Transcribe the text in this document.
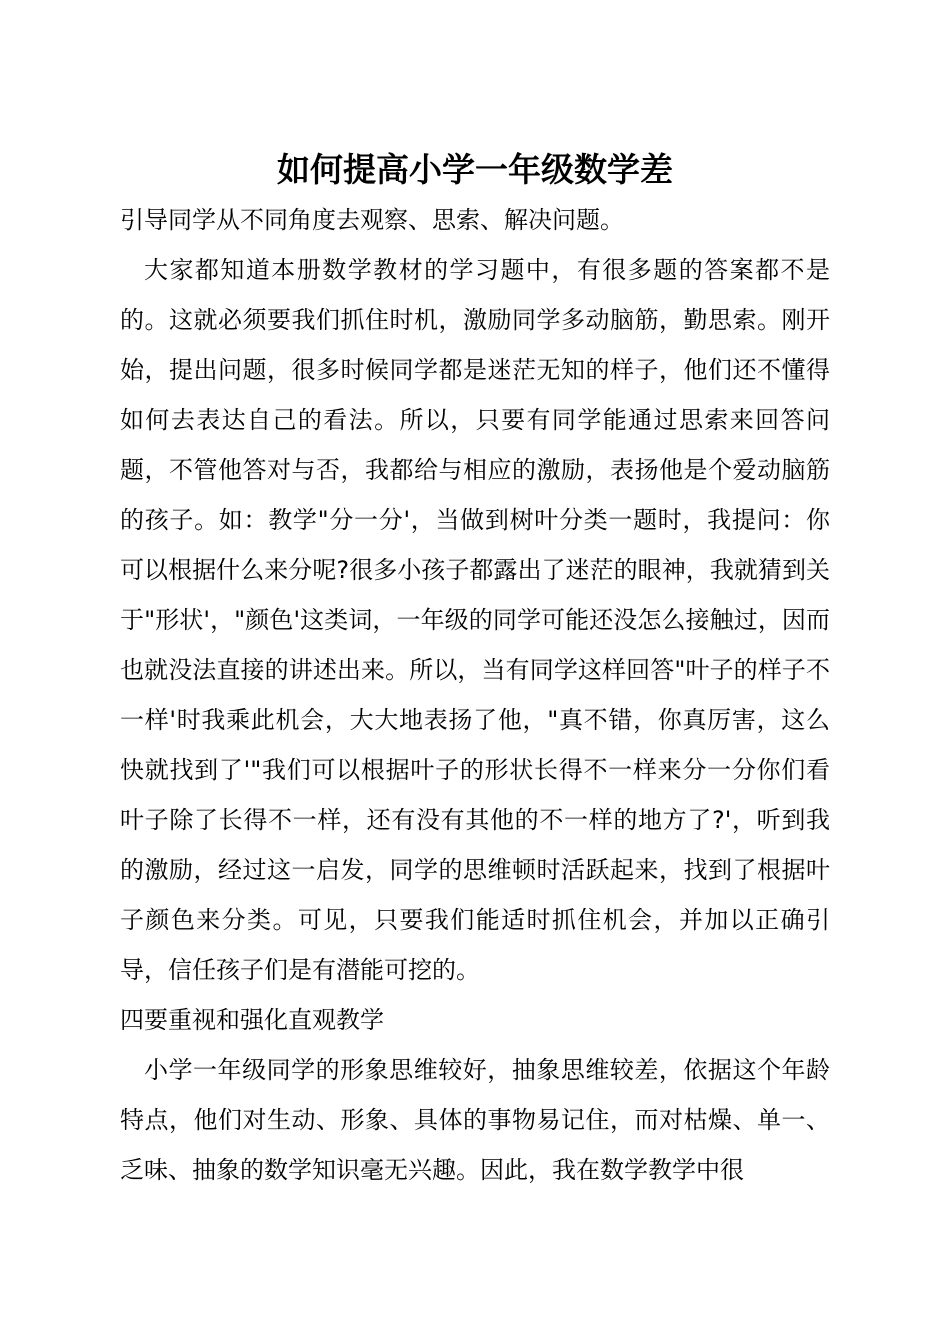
如何提高小学一年级数学差

引导同学从不同角度去观察、思索、解决问题。

大家都知道本册数学教材的学习题中，有很多题的答案都不是的。这就必须要我们抓住时机，激励同学多动脑筋，勤思索。刚开始，提出问题，很多时候同学都是迷茫无知的样子，他们还不懂得如何去表达自己的看法。所以，只要有同学能通过思索来回答问题，不管他答对与否，我都给与相应的激励，表扬他是个爱动脑筋的孩子。如：教学"分一分'，当做到树叶分类一题时，我提问：你可以根据什么来分呢?很多小孩子都露出了迷茫的眼神，我就猜到关于"形状'，"颜色'这类词，一年级的同学可能还没怎么接触过，因而也就没法直接的讲述出来。所以，当有同学这样回答"叶子的样子不一样'时我乘此机会，大大地表扬了他，"真不错，你真厉害，这么快就找到了'"我们可以根据叶子的形状长得不一样来分一分你们看叶子除了长得不一样，还有没有其他的不一样的地方了?'，听到我的激励，经过这一启发，同学的思维顿时活跃起来，找到了根据叶子颜色来分类。可见，只要我们能适时抓住机会，并加以正确引导，信任孩子们是有潜能可挖的。

四要重视和强化直观教学

小学一年级同学的形象思维较好，抽象思维较差，依据这个年龄特点，他们对生动、形象、具体的事物易记住，而对枯燥、单一、乏味、抽象的数学知识毫无兴趣。因此，我在数学教学中很
